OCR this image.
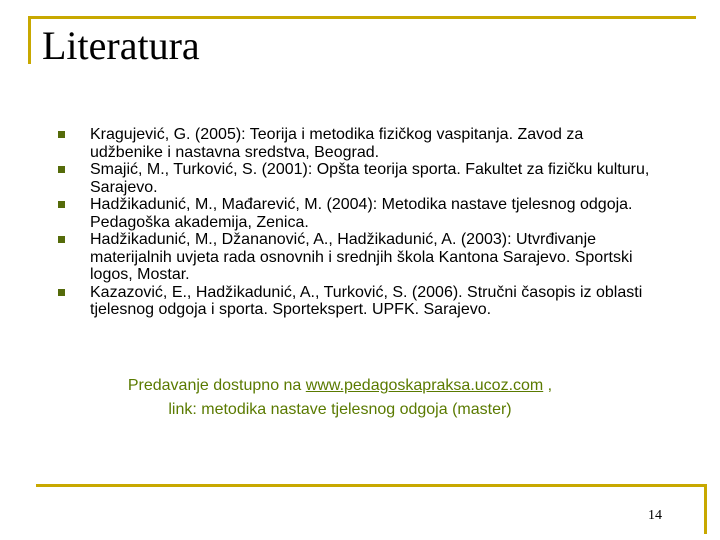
Literatura
Kragujević, G. (2005): Teorija i metodika fizičkog vaspitanja. Zavod za udžbenike i nastavna sredstva, Beograd.
Smajić, M., Turković, S. (2001): Opšta teorija sporta. Fakultet za fizičku kulturu, Sarajevo.
Hadžikadunić, M., Mađarević, M. (2004): Metodika nastave tjelesnog odgoja. Pedagoška akademija, Zenica.
Hadžikadunić, M., Džananović, A., Hadžikadunić, A. (2003): Utvrđivanje materijalnih uvjeta rada osnovnih i srednjih škola Kantona Sarajevo. Sportski logos, Mostar.
Kazazović, E., Hadžikadunić, A., Turković, S. (2006). Stručni časopis iz oblasti tjelesnog odgoja i sporta. Sportekspert. UPFK. Sarajevo.
Predavanje dostupno na www.pedagoskapraksa.ucoz.com ,
link: metodika nastave tjelesnog odgoja (master)
14
